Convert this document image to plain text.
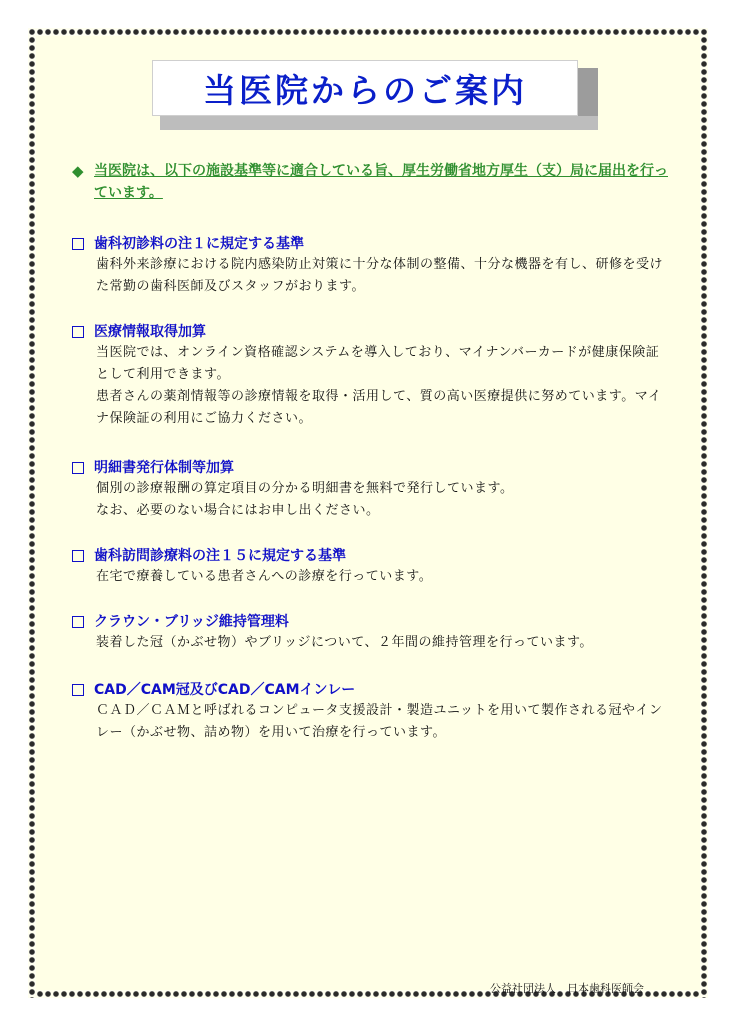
当医院からのご案内
◆ 当医院は、以下の施設基準等に適合している旨、厚生労働省地方厚生（支）局に届出を行っています。
歯科初診料の注１に規定する基準

歯科外来診療における院内感染防止対策に十分な体制の整備、十分な機器を有し、研修を受けた常勤の歯科医師及びスタッフがおります。

医療情報取得加算

当医院では、オンライン資格確認システムを導入しており、マイナンバーカードが健康保険証として利用できます。

患者さんの薬剤情報等の診療情報を取得・活用して、質の高い医療提供に努めています。マイナ保険証の利用にご協力ください。

明細書発行体制等加算

個別の診療報酬の算定項目の分かる明細書を無料で発行しています。

なお、必要のない場合にはお申し出ください。

歯科訪問診療料の注１５に規定する基準

在宅で療養している患者さんへの診療を行っています。

クラウン・ブリッジ維持管理料

装着した冠（かぶせ物）やブリッジについて、２年間の維持管理を行っています。

CAD／CAM冠及びCAD／CAMインレー

ＣＡＤ／ＣＡＭと呼ばれるコンピュータ支援設計・製造ユニットを用いて製作される冠やインレー（かぶせ物、詰め物）を用いて治療を行っています。

公益社団法人　日本歯科医師会
